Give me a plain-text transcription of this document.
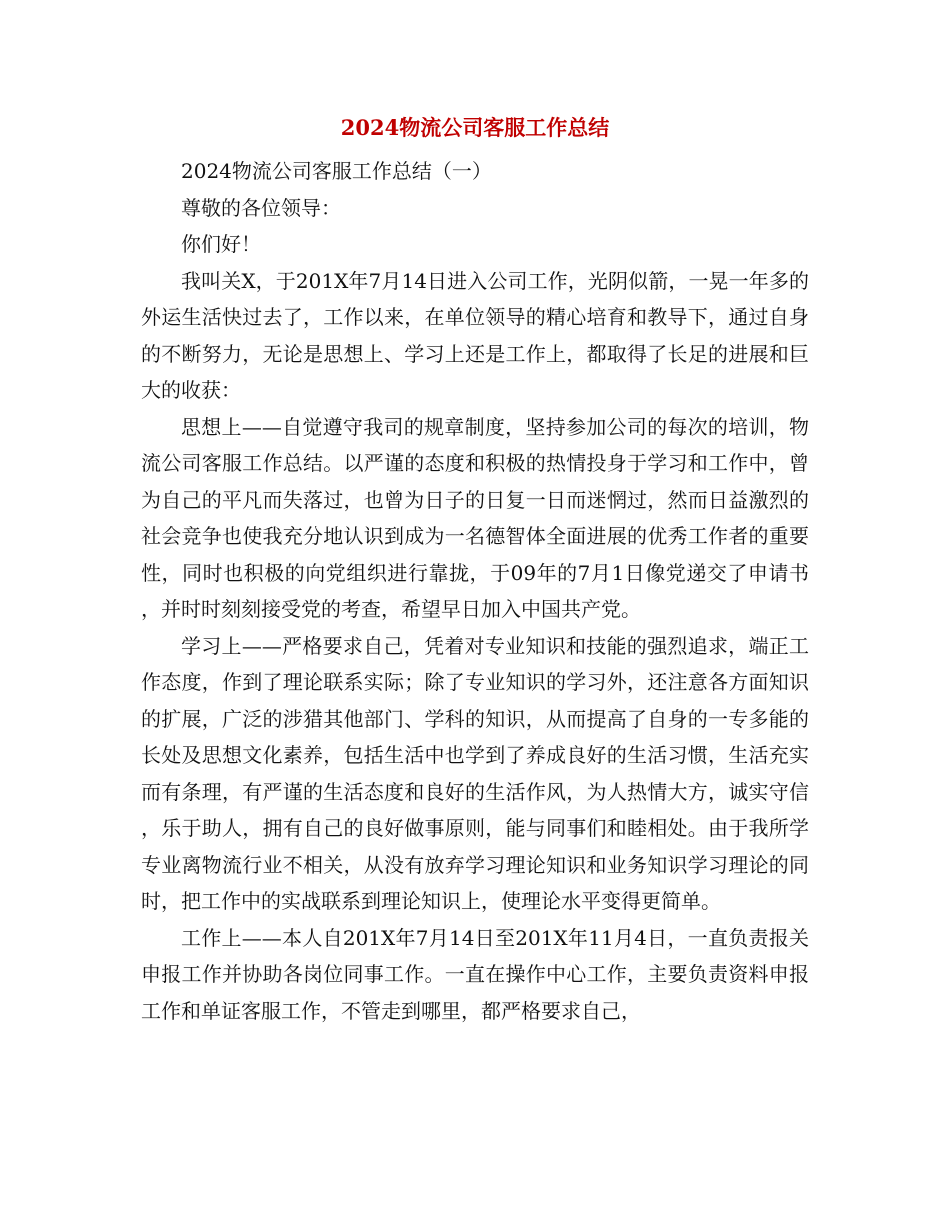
2024物流公司客服工作总结

2024物流公司客服工作总结（一）

尊敬的各位领导：

你们好！

我叫关X，于201X年7月14日进入公司工作，光阴似箭，一晃一年多的外运生活快过去了，工作以来，在单位领导的精心培育和教导下，通过自身的不断努力，无论是思想上、学习上还是工作上，都取得了长足的进展和巨大的收获：

思想上——自觉遵守我司的规章制度，坚持参加公司的每次的培训，物流公司客服工作总结。以严谨的态度和积极的热情投身于学习和工作中，曾为自己的平凡而失落过，也曾为日子的日复一日而迷惘过，然而日益激烈的社会竞争也使我充分地认识到成为一名德智体全面进展的优秀工作者的重要性，同时也积极的向党组织进行靠拢，于09年的7月1日像党递交了申请书，并时时刻刻接受党的考查，希望早日加入中国共产党。

学习上——严格要求自己，凭着对专业知识和技能的强烈追求，端正工作态度，作到了理论联系实际；除了专业知识的学习外，还注意各方面知识的扩展，广泛的涉猎其他部门、学科的知识，从而提高了自身的一专多能的长处及思想文化素养，包括生活中也学到了养成良好的生活习惯，生活充实而有条理，有严谨的生活态度和良好的生活作风，为人热情大方，诚实守信，乐于助人，拥有自己的良好做事原则，能与同事们和睦相处。由于我所学专业离物流行业不相关，从没有放弃学习理论知识和业务知识学习理论的同时，把工作中的实战联系到理论知识上，使理论水平变得更简单。

工作上——本人自201X年7月14日至201X年11月4日，一直负责报关申报工作并协助各岗位同事工作。一直在操作中心工作，主要负责资料申报工作和单证客服工作，不管走到哪里，都严格要求自己，
